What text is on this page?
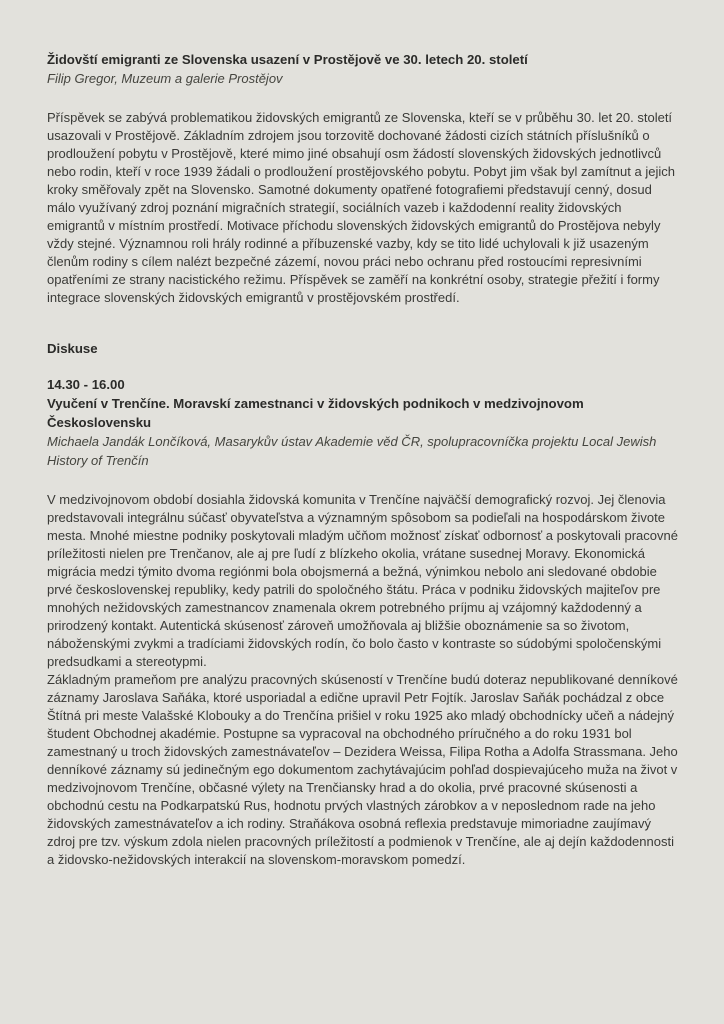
Židovští emigranti ze Slovenska usazení v Prostějově ve 30. letech 20. století

Filip Gregor, Muzeum a galerie Prostějov

Příspěvek se zabývá problematikou židovských emigrantů ze Slovenska, kteří se v průběhu 30. let 20. století usazovali v Prostějově. Základním zdrojem jsou torzovitě dochované žádosti cizích státních příslušníků o prodloužení pobytu v Prostějově, které mimo jiné obsahují osm žádostí slovenských židovských jednotlivců nebo rodin, kteří v roce 1939 žádali o prodloužení prostějovského pobytu. Pobyt jim však byl zamítnut a jejich kroky směřovaly zpět na Slovensko. Samotné dokumenty opatřené fotografiemi představují cenný, dosud málo využívaný zdroj poznání migračních strategií, sociálních vazeb i každodenní reality židovských emigrantů v místním prostředí. Motivace příchodu slovenských židovských emigrantů do Prostějova nebyly vždy stejné. Významnou roli hrály rodinné a příbuzenské vazby, kdy se tito lidé uchylovali k již usazeným členům rodiny s cílem nalézt bezpečné zázemí, novou práci nebo ochranu před rostoucími represivními opatřeními ze strany nacistického režimu. Příspěvek se zaměří na konkrétní osoby, strategie přežití i formy integrace slovenských židovských emigrantů v prostějovském prostředí.

Diskuse

14.30 - 16.00

Vyučení v Trenčíne. Moravskí zamestnanci v židovských podnikoch v medzivojnovom Československu

Michaela Jandák Lončíková, Masarykův ústav Akademie věd ČR, spolupracovníčka projektu Local Jewish History of Trenčín

V medzivojnovom období dosiahla židovská komunita v Trenčíne najväčší demografický rozvoj. Jej členovia predstavovali integrálnu súčasť obyvateľstva a významným spôsobom sa podieľali na hospodárskom živote mesta. Mnohé miestne podniky poskytovali mladým učňom možnosť získať odbornosť a poskytovali pracovné príležitosti nielen pre Trenčanov, ale aj pre ľudí z blízkeho okolia, vrátane susednej Moravy. Ekonomická migrácia medzi týmito dvoma regiónmi bola obojsmerná a bežná, výnimkou nebolo ani sledované obdobie prvé československej republiky, kedy patrili do spoločného štátu. Práca v podniku židovských majiteľov pre mnohých nežidovských zamestnancov znamenala okrem potrebného príjmu aj vzájomný každodenný a prirodzený kontakt. Autentická skúsenosť zároveň umožňovala aj bližšie oboznámenie sa so životom, náboženskými zvykmi a tradíciami židovských rodín, čo bolo často v kontraste so súdobými spoločenskými predsudkami a stereotypmi.

Základným prameňom pre analýzu pracovných skúseností v Trenčíne budú doteraz nepublikované denníkové záznamy Jaroslava Saňáka, ktoré usporiadal a edične upravil Petr Fojtík. Jaroslav Saňák pochádzal z obce Štítná pri meste Valašské Klobouky a do Trenčína prišiel v roku 1925 ako mladý obchodnícky učeň a nádejný študent Obchodnej akadémie. Postupne sa vypracoval na obchodného príručného a do roku 1931 bol zamestnaný u troch židovských zamestnávateľov – Dezidera Weissa, Filipa Rotha a Adolfa Strassmana. Jeho denníkové záznamy sú jedinečným ego dokumentom zachytávajúcim pohľad dospievajúceho muža na život v medzivojnovom Trenčíne, občasné výlety na Trenčiansky hrad a do okolia, prvé pracovné skúsenosti a obchodnú cestu na Podkarpatskú Rus, hodnotu prvých vlastných zárobkov a v neposlednom rade na jeho židovských zamestnávateľov a ich rodiny. Straňákova osobná reflexia predstavuje mimoriadne zaujímavý zdroj pre tzv. výskum zdola nielen pracovných príležitostí a podmienok v Trenčíne, ale aj dejín každodennosti a židovsko-nežidovských interakcií na slovenskom-moravskom pomedzí.
